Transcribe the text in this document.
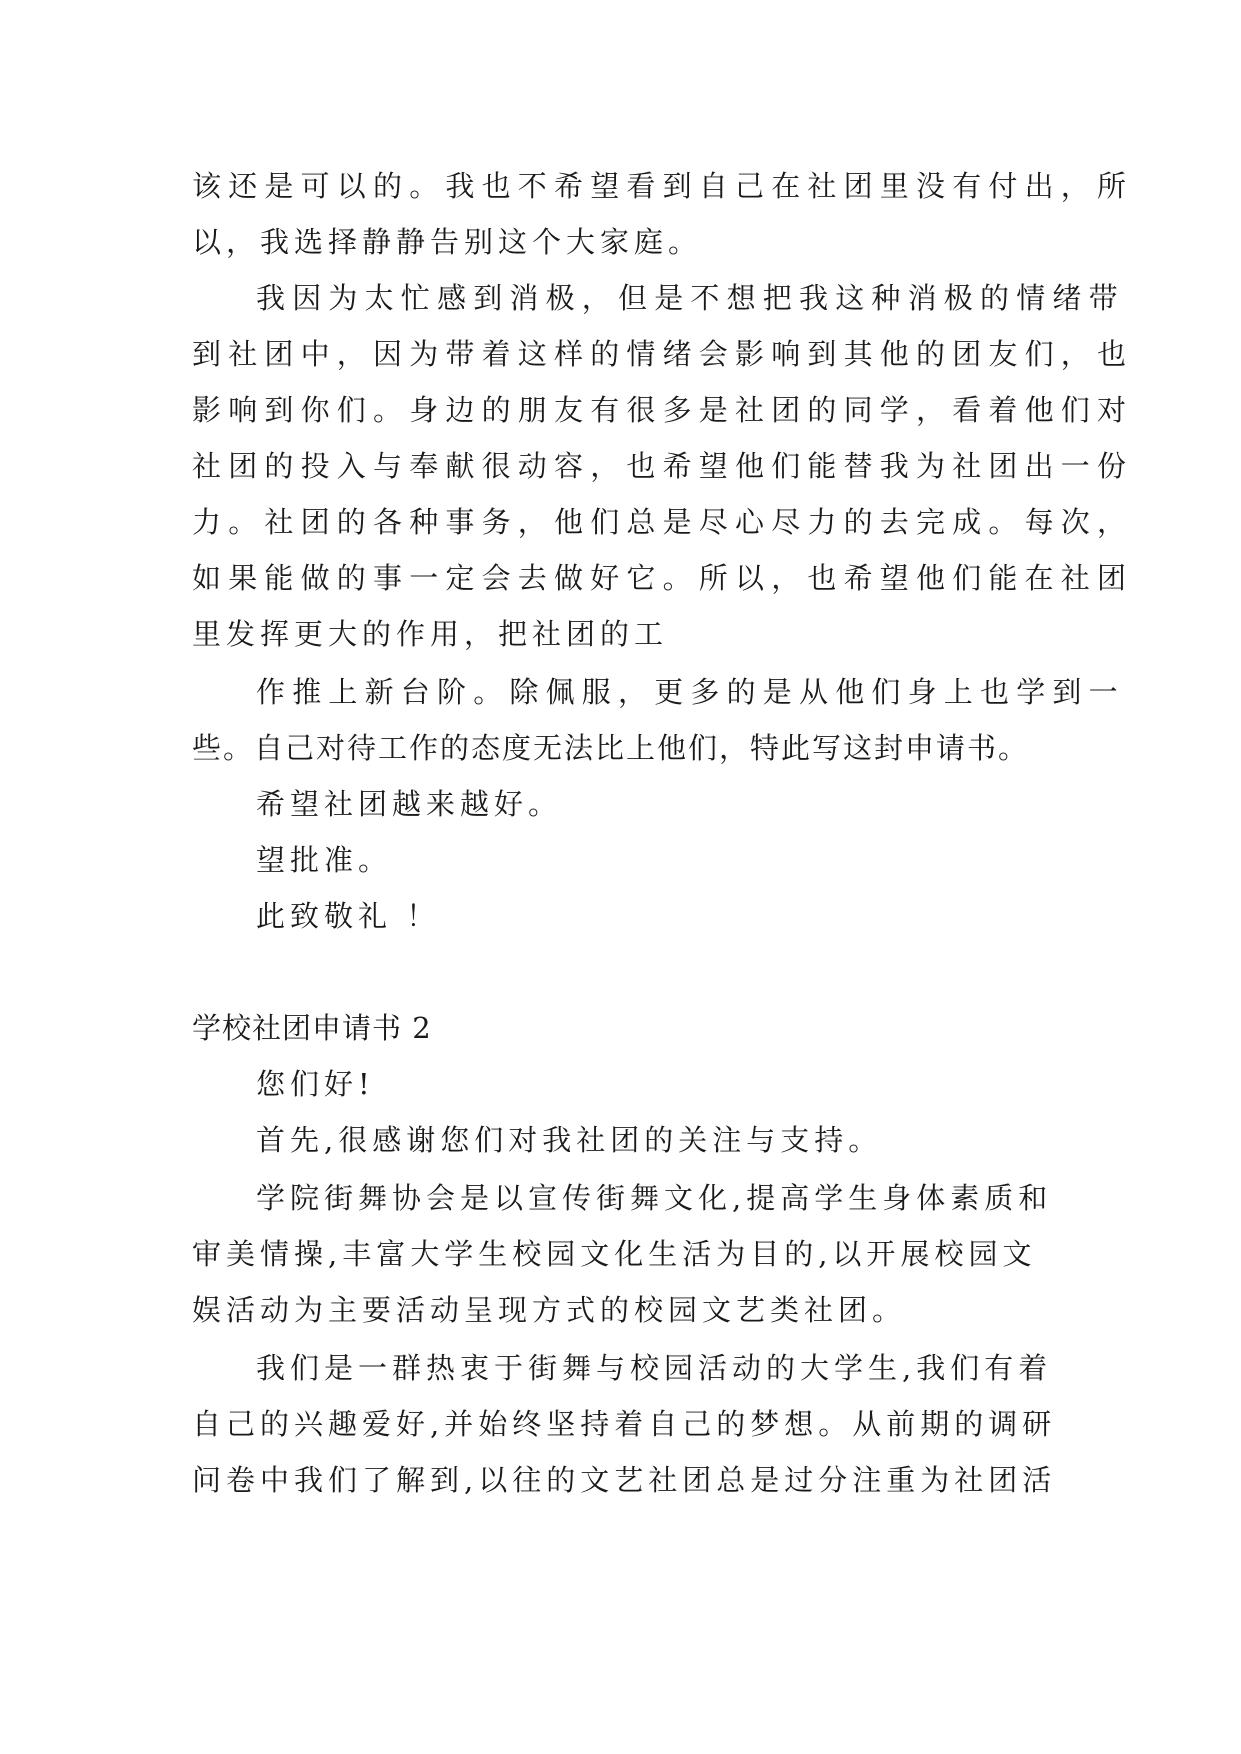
该还是可以的。我也不希望看到自己在社团里没有付出，所
以，我选择静静告别这个大家庭。
我因为太忙感到消极，但是不想把我这种消极的情绪带
到社团中，因为带着这样的情绪会影响到其他的团友们，也
影响到你们。身边的朋友有很多是社团的同学，看着他们对
社团的投入与奉献很动容，也希望他们能替我为社团出一份
力。社团的各种事务，他们总是尽心尽力的去完成。每次，
如果能做的事一定会去做好它。所以，也希望他们能在社团
里发挥更大的作用，把社团的工
作推上新台阶。除佩服，更多的是从他们身上也学到一
些。自己对待工作的态度无法比上他们，特此写这封申请书。
希望社团越来越好。
望批准。
此致敬礼 ！
学校社团申请书 2
您们好!
首先,很感谢您们对我社团的关注与支持。
学院街舞协会是以宣传街舞文化,提高学生身体素质和
审美情操,丰富大学生校园文化生活为目的,以开展校园文
娱活动为主要活动呈现方式的校园文艺类社团。
我们是一群热衷于街舞与校园活动的大学生,我们有着
自己的兴趣爱好,并始终坚持着自己的梦想。从前期的调研
问卷中我们了解到,以往的文艺社团总是过分注重为社团活
